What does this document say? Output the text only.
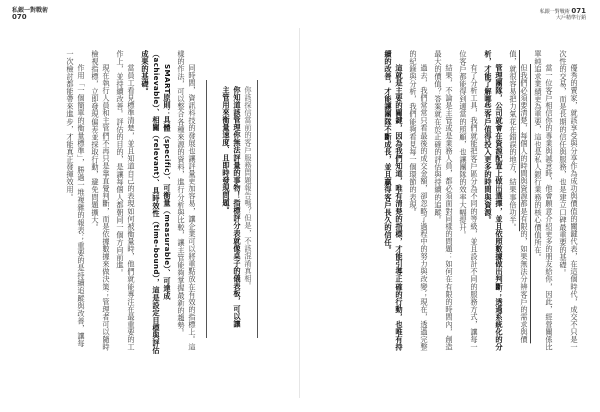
私銀一對戰術
070

同時間，資訊科技的發展也讓評量更加容易，讓企業可以將重點放在有效的指標上。這樣的作法，可以整合各種來源的資料，進行分析與比較，讓主管能夠掌握最新的趨勢。

SMART原則：具體（specific）、可衡量（measurable）、可達成（achievable）、相關（relevant）、具時效性（time-bound），這是設定目標與評估成果的基礎。

當員工看見標準清楚，並且知道自己的表現如何被衡量時，他們就能專注在最重要的工作上，並持續改善。評估的目的，是讓每個人都朝同一個方向前進。

現在執行人員和主管們不再只是靠直覺判斷，而是依據數據來做決策；管理者可以隨時檢視指標，立即發現偏差並採取行動，避免問題擴大。

作用「一個簡單的衡量標準」，勝過一堆複雜的報表；重要的是持續追蹤與改善，讓每一次檢討都能帶來進步，才能真正發揮效用。	你該採信當前的客戶服務問題報告嗎？但是，不該混淆真相。
你知道該管理你無法評量的事物！指標評分表就像桌子的儀表板，可以讓主管用來衡量速度、且即時發現問題。
私銀一對戰術 071
大戶精準行銷

優秀的賣家，就該享受與分享作為成功與價值的關鍵代表，在這個時代，成交不只是一次性的交易，而是長期的信任與服務，也是建立口碑最重要的基礎。

當一位客戶相信你的專業與誠意時，他會願意介紹更多的朋友給你，因此，經營關係比單純追求業績更為重要，這也是私人銀行業務的核心價值所在。

但我們必須要清楚，每個人的時間與資源都是有限的，如果無法分辨客戶的需求與價值，就很容易把力氣花在錯誤的地方，結果事倍功半。

管理團隊，公司就會在資源配置上做出選擇，並且依照數據做出判斷；透過系統化的分析，才能了解哪些客戶值得投入更多的時間與資源。

有了分析工具，我們就能把客戶區分為不同的等級，並且設計不同的服務方式，讓每一位客戶都能得到適當的照顧，也讓團隊的效率大幅提升。

結果，不論是主管或是業務人員，都必須面對同樣的問題：如何在有限的時間內，創造最大的價值？答案就在於正確的評估與持續的追蹤。

過去，我們常常只看最後的成交金額，卻忽略了過程中的努力與改變；現在，透過完整的紀錄與分析，我們能夠看見每一個環節的表現。

這就是主要的關鍵，因為我們知道，唯有清楚的指標，才能引導正確的行動，也唯有持續的改善，才能讓團隊不斷成長，並且贏得客戶長久的信任。
